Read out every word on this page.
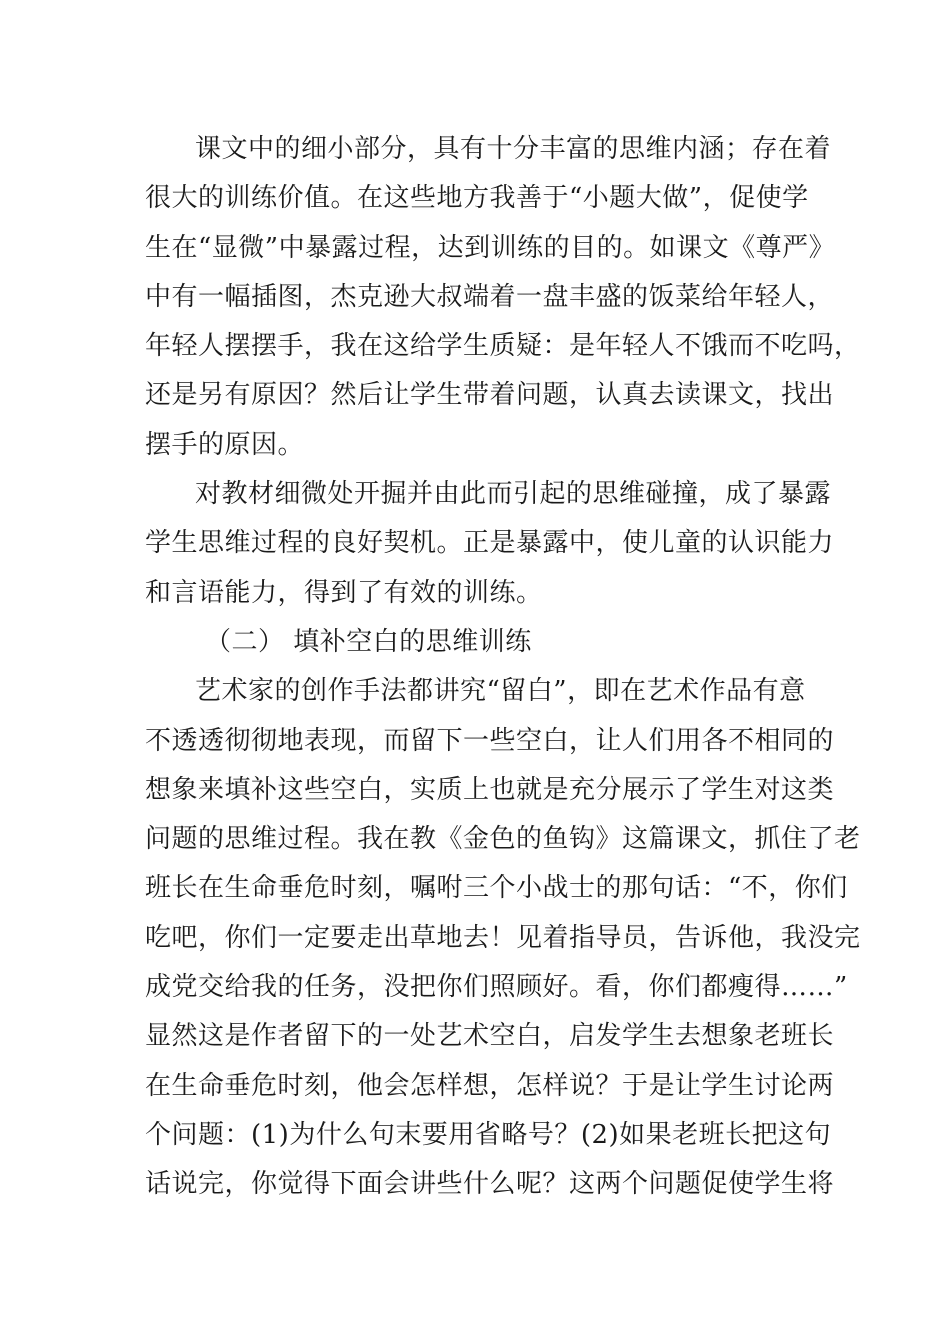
课文中的细小部分，具有十分丰富的思维内涵；存在着
很大的训练价值。在这些地方我善于“小题大做”，促使学
生在“显微”中暴露过程，达到训练的目的。如课文《尊严》
中有一幅插图，杰克逊大叔端着一盘丰盛的饭菜给年轻人，
年轻人摆摆手，我在这给学生质疑：是年轻人不饿而不吃吗，
还是另有原因？然后让学生带着问题，认真去读课文，找出
摆手的原因。
对教材细微处开掘并由此而引起的思维碰撞，成了暴露
学生思维过程的良好契机。正是暴露中，使儿童的认识能力
和言语能力，得到了有效的训练。
（二） 填补空白的思维训练
艺术家的创作手法都讲究“留白”，即在艺术作品有意
不透透彻彻地表现，而留下一些空白，让人们用各不相同的
想象来填补这些空白，实质上也就是充分展示了学生对这类
问题的思维过程。我在教《金色的鱼钩》这篇课文，抓住了老
班长在生命垂危时刻，嘱咐三个小战士的那句话：“不，你们
吃吧，你们一定要走出草地去！见着指导员，告诉他，我没完
成党交给我的任务，没把你们照顾好。看，你们都瘦得……”
显然这是作者留下的一处艺术空白，启发学生去想象老班长
在生命垂危时刻，他会怎样想，怎样说？于是让学生讨论两
个问题：(1)为什么句末要用省略号？(2)如果老班长把这句
话说完，你觉得下面会讲些什么呢？这两个问题促使学生将
